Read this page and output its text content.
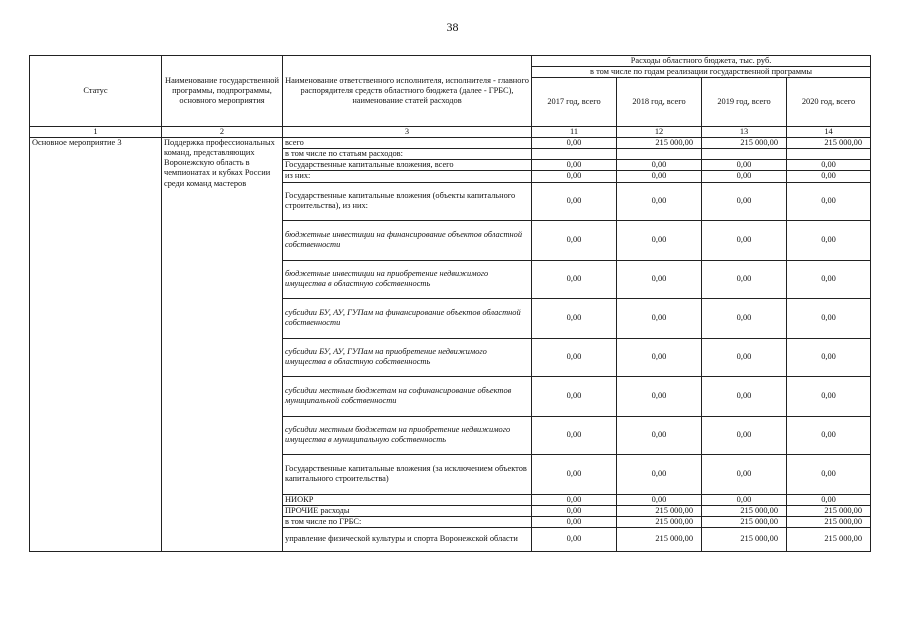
38
Статус	Наименование государственной программы, подпрограммы, основного мероприятия	Наименование ответственного исполнителя, исполнителя - главного распорядителя средств областного бюджета (далее - ГРБС), наименование статей расходов	Расходы областного бюджета, тыс. руб.			
			в том числе по годам реализации государственной программы			
			2017 год, всего	2018 год, всего	2019 год, всего	2020 год, всего
1	2	3	11	12	13	14
Основное мероприятие 3	Поддержка профессиональных команд, представляющих Воронежскую область в чемпионатах и кубках России среди команд мастеров	всего	0,00	215 000,00	215 000,00	215 000,00
		в том числе по статьям расходов:				
		Государственные капитальные вложения, всего	0,00	0,00	0,00	0,00
		из них:	0,00	0,00	0,00	0,00
		Государственные капитальные вложения (объекты капитального строительства), из них:	0,00	0,00	0,00	0,00
		бюджетные инвестиции на финансирование объектов областной собственности	0,00	0,00	0,00	0,00
		бюджетные инвестиции на приобретение недвижимого имущества в областную собственность	0,00	0,00	0,00	0,00
		субсидии БУ, АУ, ГУПам на финансирование объектов областной собственности	0,00	0,00	0,00	0,00
		субсидии БУ, АУ, ГУПам на приобретение недвижимого имущества в областную собственность	0,00	0,00	0,00	0,00
		субсидии местным бюджетам на софинансирование объектов муниципальной собственности	0,00	0,00	0,00	0,00
		субсидии местным бюджетам на приобретение недвижимого имущества в муниципальную собственность	0,00	0,00	0,00	0,00
		Государственные капитальные вложения (за исключением объектов капитального строительства)	0,00	0,00	0,00	0,00
		НИОКР	0,00	0,00	0,00	0,00
		ПРОЧИЕ расходы	0,00	215 000,00	215 000,00	215 000,00
		в том числе по ГРБС:	0,00	215 000,00	215 000,00	215 000,00
		управление физической культуры и спорта Воронежской области	0,00	215 000,00	215 000,00	215 000,00
